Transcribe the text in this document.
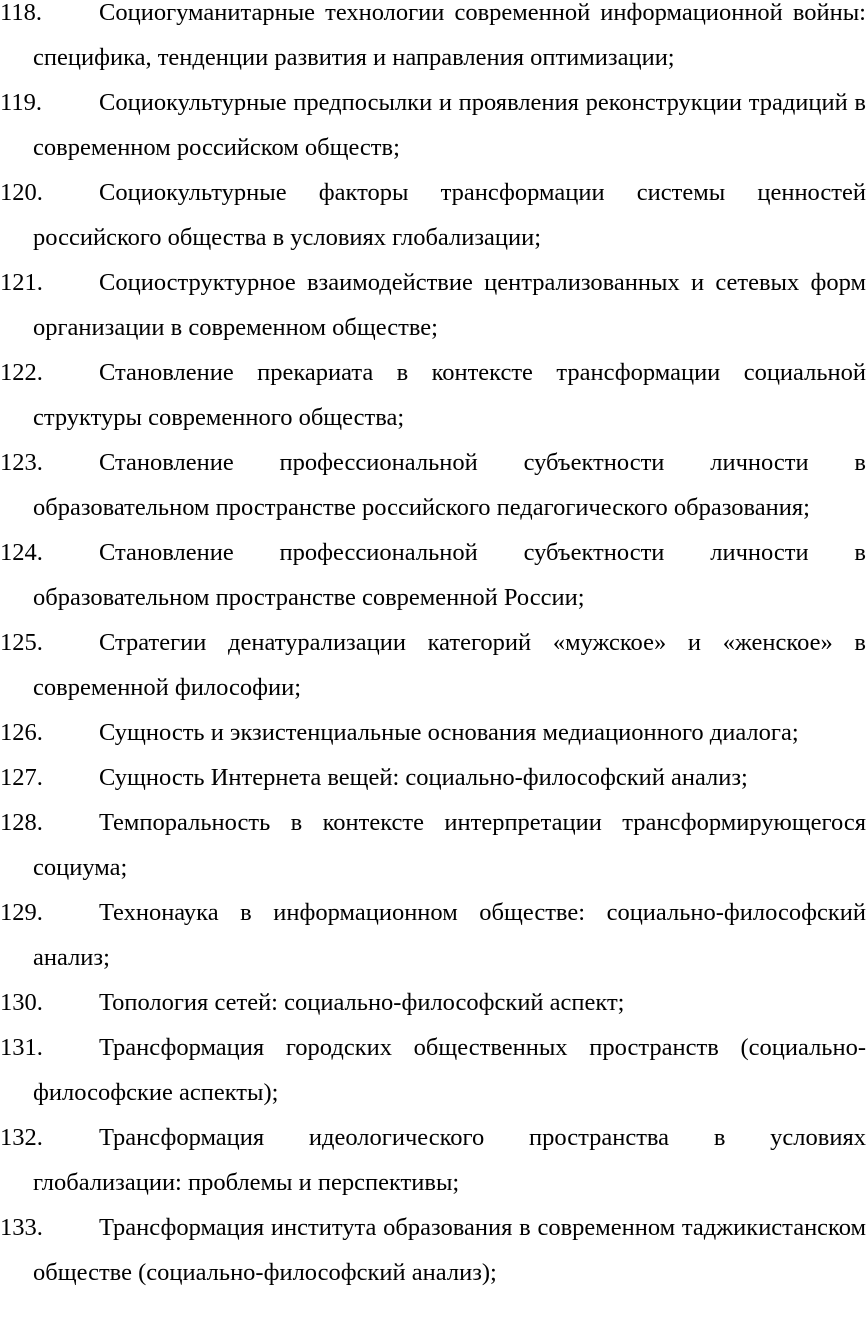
118. Социогуманитарные технологии современной информационной войны: специфика, тенденции развития и направления оптимизации;
119. Социокультурные предпосылки и проявления реконструкции традиций в современном российском обществ;
120. Социокультурные факторы трансформации системы ценностей российского общества в условиях глобализации;
121. Социоструктурное взаимодействие централизованных и сетевых форм организации в современном обществе;
122. Становление прекариата в контексте трансформации социальной структуры современного общества;
123. Становление профессиональной субъектности личности в образовательном пространстве российского педагогического образования;
124. Становление профессиональной субъектности личности в образовательном пространстве современной России;
125. Стратегии денатурализации категорий «мужское» и «женское» в современной философии;
126. Сущность и экзистенциальные основания медиационного диалога;
127. Сущность Интернета вещей: социально-философский анализ;
128. Темпоральность в контексте интерпретации трансформирующегося социума;
129. Технонаука в информационном обществе: социально-философский анализ;
130. Топология сетей: социально-философский аспект;
131. Трансформация городских общественных пространств (социально-философские аспекты);
132. Трансформация идеологического пространства в условиях глобализации: проблемы и перспективы;
133. Трансформация института образования в современном таджикистанском обществе (социально-философский анализ);
